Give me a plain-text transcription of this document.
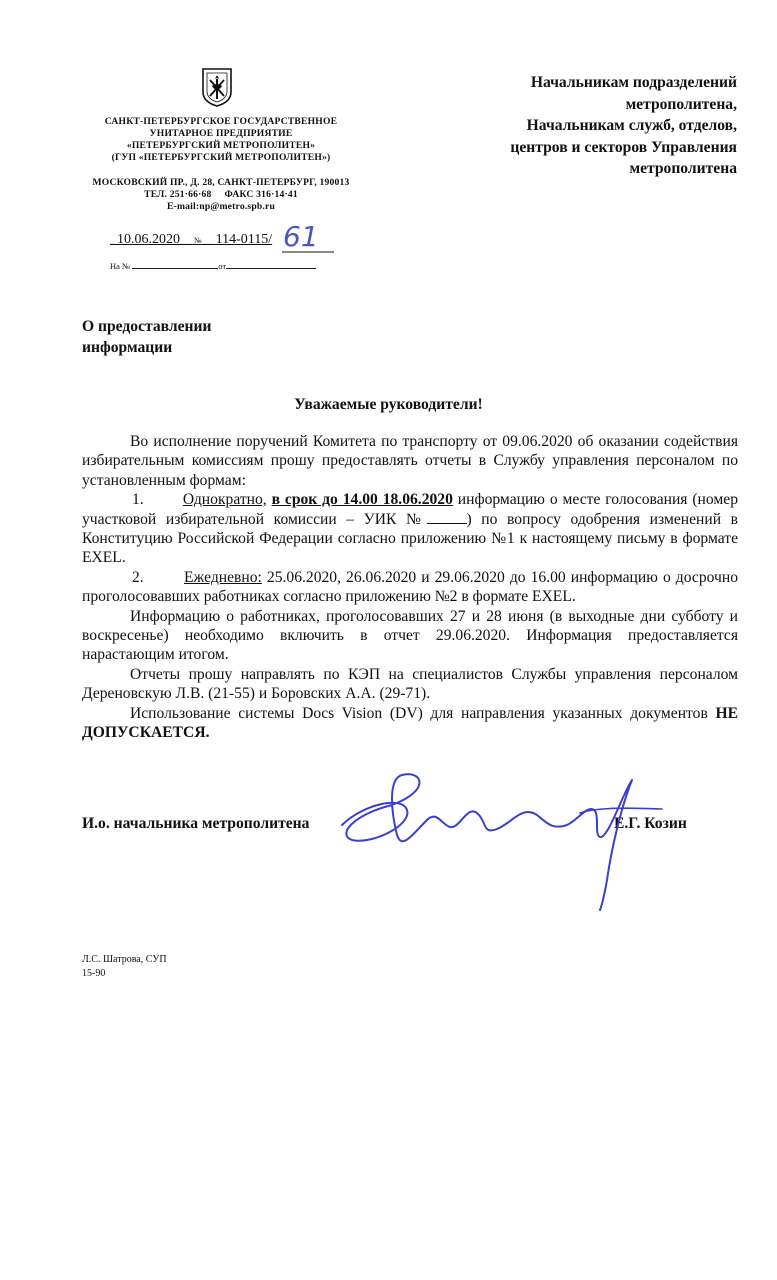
САНКТ-ПЕТЕРБУРГСКОЕ ГОСУДАРСТВЕННОЕ
УНИТАРНОЕ ПРЕДПРИЯТИЕ
«ПЕТЕРБУРГСКИЙ МЕТРОПОЛИТЕН»
(ГУП «ПЕТЕРБУРГСКИЙ МЕТРОПОЛИТЕН»)
МОСКОВСКИЙ ПР., Д. 28, САНКТ-ПЕТЕРБУРГ, 190013
ТЕЛ. 251·66·68 ФАКС 316·14·41
E-mail:np@metro.spb.ru
_10.06.2020__№__114-0115/ 61
На №	от
Начальникам подразделений
метрополитена,
Начальникам служб, отделов,
центров и секторов Управления
метрополитена
О предоставлении
информации
Уважаемые руководители!

Во исполнение поручений Комитета по транспорту от 09.06.2020 об оказании содействия избирательным комиссиям прошу предоставлять отчеты в Службу управления персоналом по установленным формам:

1.	Однократно, в срок до 14.00 18.06.2020 информацию о месте голосования (номер участковой избирательной комиссии – УИК №	) по вопросу одобрения изменений в Конституцию Российской Федерации согласно приложению №1 к настоящему письму в формате EXEL.

2.	Ежедневно: 25.06.2020, 26.06.2020 и 29.06.2020 до 16.00 информацию о досрочно проголосовавших работниках согласно приложению №2 в формате EXEL.

Информацию о работниках, проголосовавших 27 и 28 июня (в выходные дни субботу и воскресенье) необходимо включить в отчет 29.06.2020. Информация предоставляется нарастающим итогом.

Отчеты прошу направлять по КЭП на специалистов Службы управления персоналом Дереновскую Л.В. (21-55) и Боровских А.А. (29-71).

Использование системы Docs Vision (DV) для направления указанных документов НЕ ДОПУСКАЕТСЯ.

И.о. начальника метрополитена	Е.Г. Козин
Л.С. Шатрова, СУП
15-90
